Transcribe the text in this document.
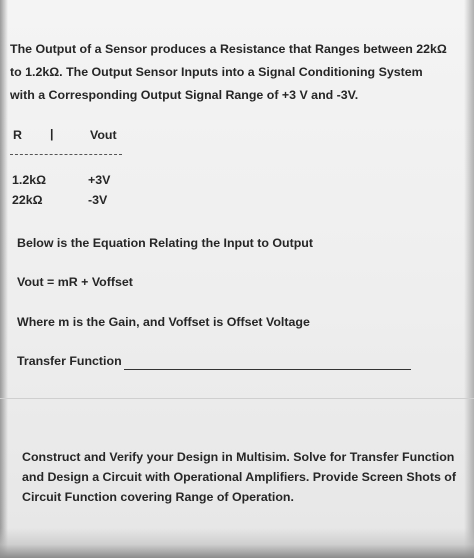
The Output of a Sensor produces a Resistance that Ranges between 22kΩ

to 1.2kΩ. The Output Sensor Inputs into a Signal Conditioning System

with a Corresponding Output Signal Range of +3 V and -3V.

R |	Vout
1.2kΩ	+3V
22kΩ	-3V

Below is the Equation Relating the Input to Output

Vout = mR + Voffset

Where m is the Gain, and Voffset is Offset Voltage

Transfer Function

Construct and Verify your Design in Multisim. Solve for Transfer Function

and Design a Circuit with Operational Amplifiers. Provide Screen Shots of

Circuit Function covering Range of Operation.
